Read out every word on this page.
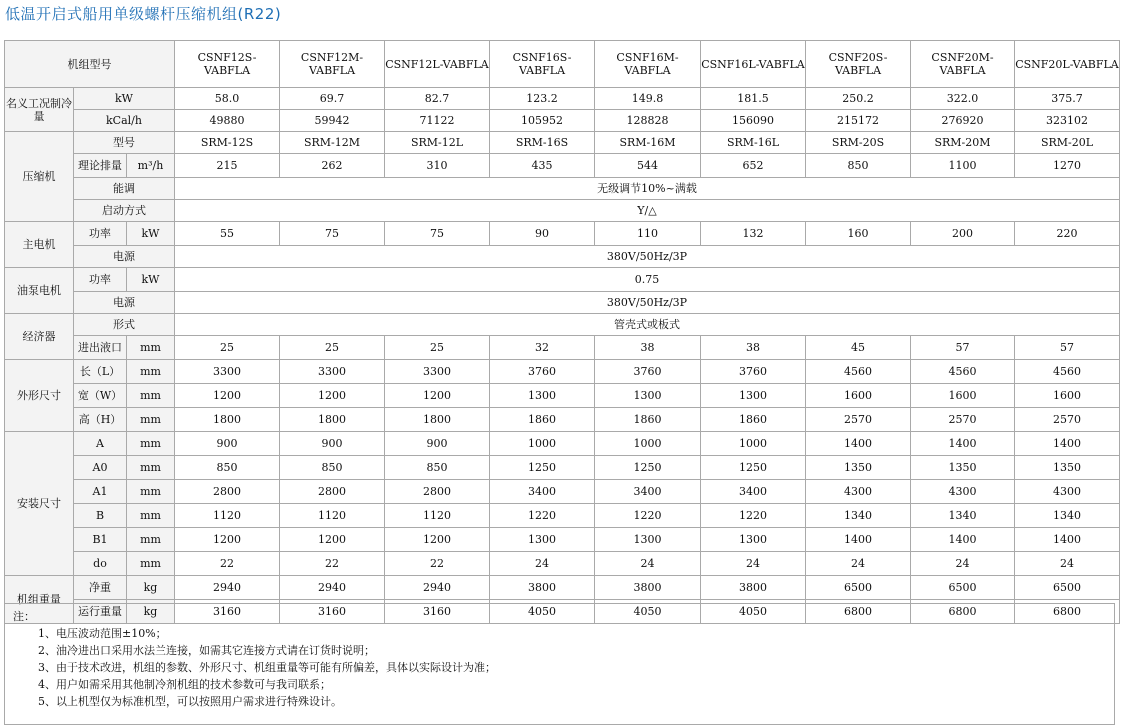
低温开启式船用单级螺杆压缩机组(R22)
机组型号			CSNF12S-VABFLA	CSNF12M-VABFLA	CSNF12L-VABFLA	CSNF16S-VABFLA	CSNF16M-VABFLA	CSNF16L-VABFLA	CSNF20S-VABFLA	CSNF20M-VABFLA	CSNF20L-VABFLA
名义工况制冷量	kW		58.0	69.7	82.7	123.2	149.8	181.5	250.2	322.0	375.7
	kCal/h		49880	59942	71122	105952	128828	156090	215172	276920	323102
压缩机	型号		SRM-12S	SRM-12M	SRM-12L	SRM-16S	SRM-16M	SRM-16L	SRM-20S	SRM-20M	SRM-20L
	理论排量	m³/h	215	262	310	435	544	652	850	1100	1270
	能调		无级调节10%~满载								
	启动方式		Y/△								
主电机	功率	kW	55	75	75	90	110	132	160	200	220
	电源		380V/50Hz/3P								
油泵电机	功率	kW	0.75								
	电源		380V/50Hz/3P								
经济器	形式		管壳式或板式								
	进出液口	mm	25	25	25	32	38	38	45	57	57
外形尺寸	长（L）	mm	3300	3300	3300	3760	3760	3760	4560	4560	4560
	宽（W）	mm	1200	1200	1200	1300	1300	1300	1600	1600	1600
	高（H）	mm	1800	1800	1800	1860	1860	1860	2570	2570	2570
安装尺寸	A	mm	900	900	900	1000	1000	1000	1400	1400	1400
	A0	mm	850	850	850	1250	1250	1250	1350	1350	1350
	A1	mm	2800	2800	2800	3400	3400	3400	4300	4300	4300
	B	mm	1120	1120	1120	1220	1220	1220	1340	1340	1340
	B1	mm	1200	1200	1200	1300	1300	1300	1400	1400	1400
	do	mm	22	22	22	24	24	24	24	24	24
机组重量	净重	kg	2940	2940	2940	3800	3800	3800	6500	6500	6500
	运行重量	kg	3160	3160	3160	4050	4050	4050	6800	6800	6800
注：
1、电压波动范围±10%；
2、油冷进出口采用水法兰连接，如需其它连接方式请在订货时说明；
3、由于技术改进，机组的参数、外形尺寸、机组重量等可能有所偏差，具体以实际设计为准；
4、用户如需采用其他制冷剂机组的技术参数可与我司联系；
5、以上机型仅为标准机型，可以按照用户需求进行特殊设计。
